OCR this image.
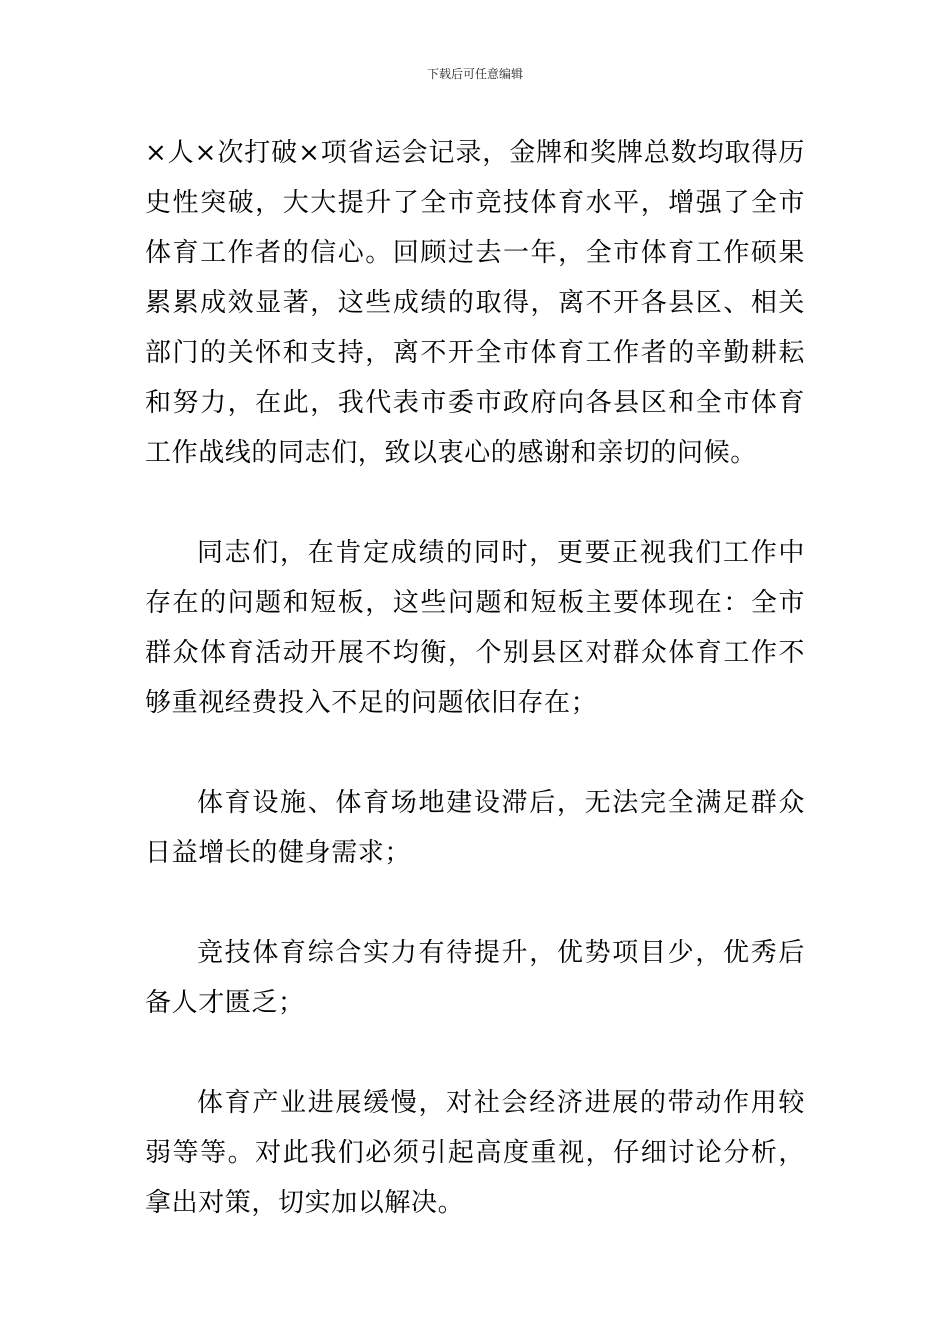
下载后可任意编辑

×人×次打破×项省运会记录，金牌和奖牌总数均取得历史性突破，大大提升了全市竞技体育水平，增强了全市体育工作者的信心。回顾过去一年，全市体育工作硕果累累成效显著，这些成绩的取得，离不开各县区、相关部门的关怀和支持，离不开全市体育工作者的辛勤耕耘和努力，在此，我代表市委市政府向各县区和全市体育工作战线的同志们，致以衷心的感谢和亲切的问候。

同志们，在肯定成绩的同时，更要正视我们工作中存在的问题和短板，这些问题和短板主要体现在：全市群众体育活动开展不均衡，个别县区对群众体育工作不够重视经费投入不足的问题依旧存在；

体育设施、体育场地建设滞后，无法完全满足群众日益增长的健身需求；

竞技体育综合实力有待提升，优势项目少，优秀后备人才匮乏；

体育产业进展缓慢，对社会经济进展的带动作用较弱等等。对此我们必须引起高度重视，仔细讨论分析，拿出对策，切实加以解决。
